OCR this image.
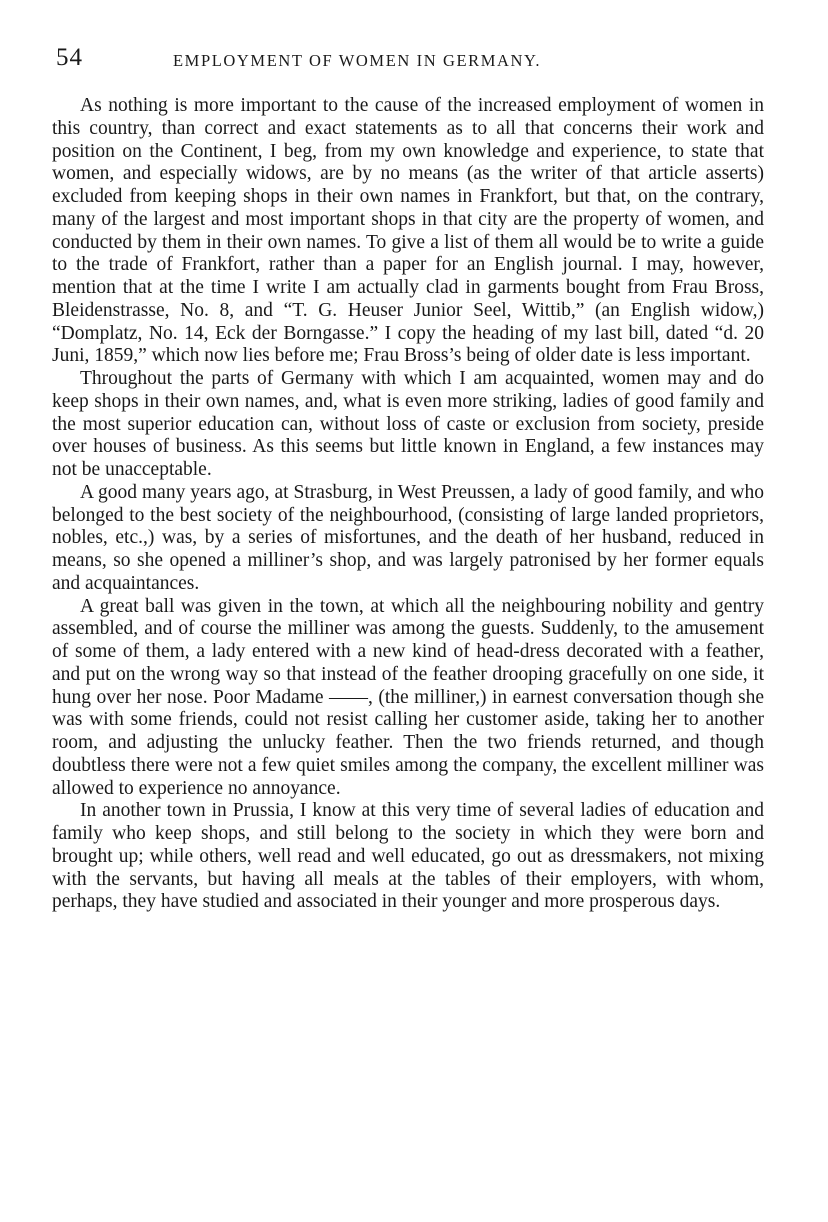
54	EMPLOYMENT OF WOMEN IN GERMANY.

As nothing is more important to the cause of the increased employment of women in this country, than correct and exact statements as to all that concerns their work and position on the Continent, I beg, from my own knowledge and experience, to state that women, and especially widows, are by no means (as the writer of that article asserts) excluded from keeping shops in their own names in Frankfort, but that, on the contrary, many of the largest and most important shops in that city are the property of women, and conducted by them in their own names. To give a list of them all would be to write a guide to the trade of Frankfort, rather than a paper for an English journal. I may, however, mention that at the time I write I am actually clad in garments bought from Frau Bross, Bleidenstrasse, No. 8, and “T. G. Heuser Junior Seel, Wittib,” (an English widow,) “Domplatz, No. 14, Eck der Borngasse.” I copy the heading of my last bill, dated “d. 20 Juni, 1859,” which now lies before me; Frau Bross’s being of older date is less important.

Throughout the parts of Germany with which I am acquainted, women may and do keep shops in their own names, and, what is even more striking, ladies of good family and the most superior education can, without loss of caste or exclusion from society, preside over houses of business. As this seems but little known in England, a few instances may not be unacceptable.

A good many years ago, at Strasburg, in West Preussen, a lady of good family, and who belonged to the best society of the neighbourhood, (consisting of large landed proprietors, nobles, etc.,) was, by a series of misfortunes, and the death of her husband, reduced in means, so she opened a milliner’s shop, and was largely patronised by her former equals and acquaintances.

A great ball was given in the town, at which all the neighbouring nobility and gentry assembled, and of course the milliner was among the guests. Suddenly, to the amusement of some of them, a lady entered with a new kind of head-dress decorated with a feather, and put on the wrong way so that instead of the feather drooping gracefully on one side, it hung over her nose. Poor Madame ——, (the milliner,) in earnest conversation though she was with some friends, could not resist calling her customer aside, taking her to another room, and adjusting the unlucky feather. Then the two friends returned, and though doubtless there were not a few quiet smiles among the company, the excellent milliner was allowed to experience no annoyance.

In another town in Prussia, I know at this very time of several ladies of education and family who keep shops, and still belong to the society in which they were born and brought up; while others, well read and well educated, go out as dressmakers, not mixing with the servants, but having all meals at the tables of their employers, with whom, perhaps, they have studied and associated in their younger and more prosperous days.
